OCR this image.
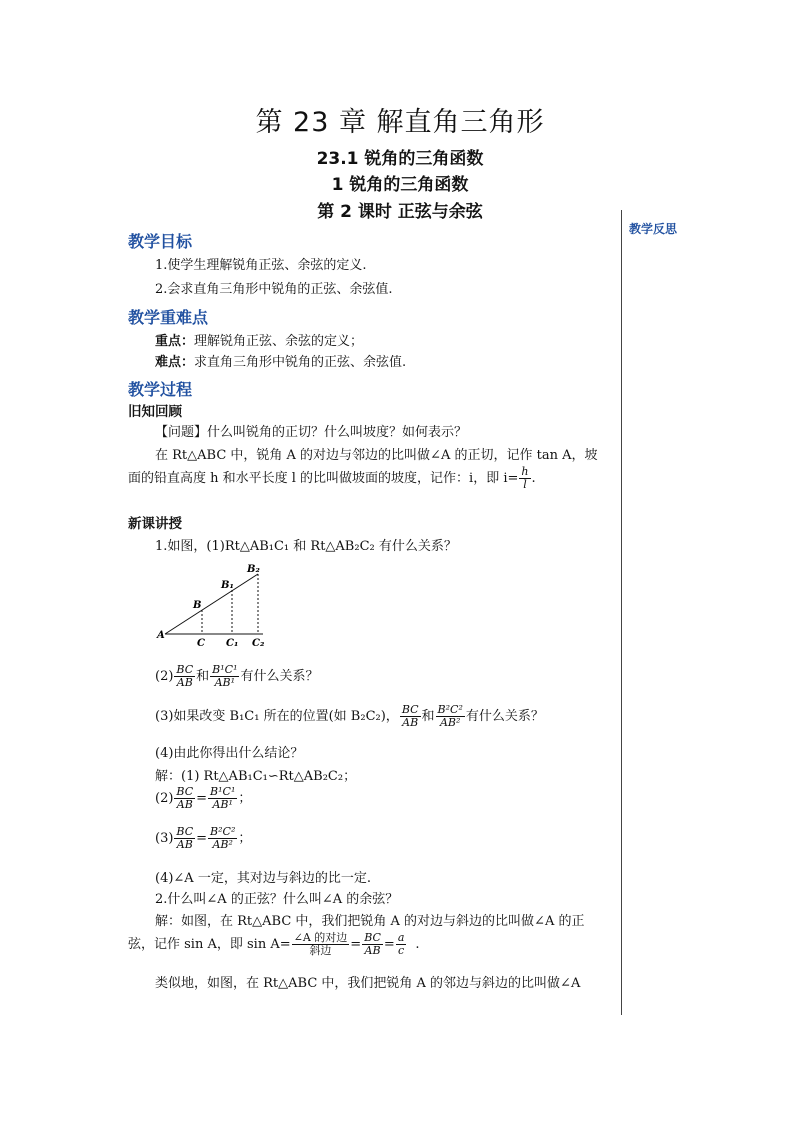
第 23 章 解直角三角形
23.1 锐角的三角函数
1 锐角的三角函数
第 2 课时 正弦与余弦
教学反思
教学目标
1.使学生理解锐角正弦、余弦的定义.
2.会求直角三角形中锐角的正弦、余弦值.
教学重难点
重点：理解锐角正弦、余弦的定义；
难点：求直角三角形中锐角的正弦、余弦值.
教学过程
旧知回顾
【问题】什么叫锐角的正切？什么叫坡度？如何表示？
在 Rt△ABC 中，锐角 A 的对边与邻边的比叫做∠A 的正切，记作 tan A，坡
面的铅直高度 h 和水平长度 l 的比叫做坡面的坡度，记作：i，即 $i= \frac{h}{l}$ .
新课讲授
1.如图，(1)Rt△AB₁C₁ 和 Rt△AB₂C₂ 有什么关系？
A
B
B₁
B₂
C C₁ C₂
$(2) \frac{BC}{AB}$ 和 $\frac{\text{B¹C¹}}{\text{AB¹}}$ 有什么关系？
(3)如果改变 B₁C₁ 所在的位置(如 B₂C₂)， $\frac{BC}{AB}$ 和 $\frac{\text{B²C²}}{\text{AB²}}$ 有什么关系？
(4)由此你得出什么结论？
解：(1) Rt△AB₁C₁∽Rt△AB₂C₂；
$(2) \frac{BC}{AB} = \frac{\text{B¹C¹}}{\text{AB¹}}$ ；
$(3) \frac{BC}{AB} = \frac{\text{B²C²}}{\text{AB²}}$ ；
(4)∠A 一定，其对边与斜边的比一定.
2.什么叫∠A 的正弦？什么叫∠A 的余弦？
解：如图，在 Rt△ABC 中，我们把锐角 A 的对边与斜边的比叫做∠A 的正
弦，记作 sin A，即 $\sin A= \frac{\text{∠A 的对边}}{\text{斜边}} = \frac{BC}{AB} = \frac{a}{c}$ .
类似地，如图，在 Rt△ABC 中，我们把锐角 A 的邻边与斜边的比叫做∠A
